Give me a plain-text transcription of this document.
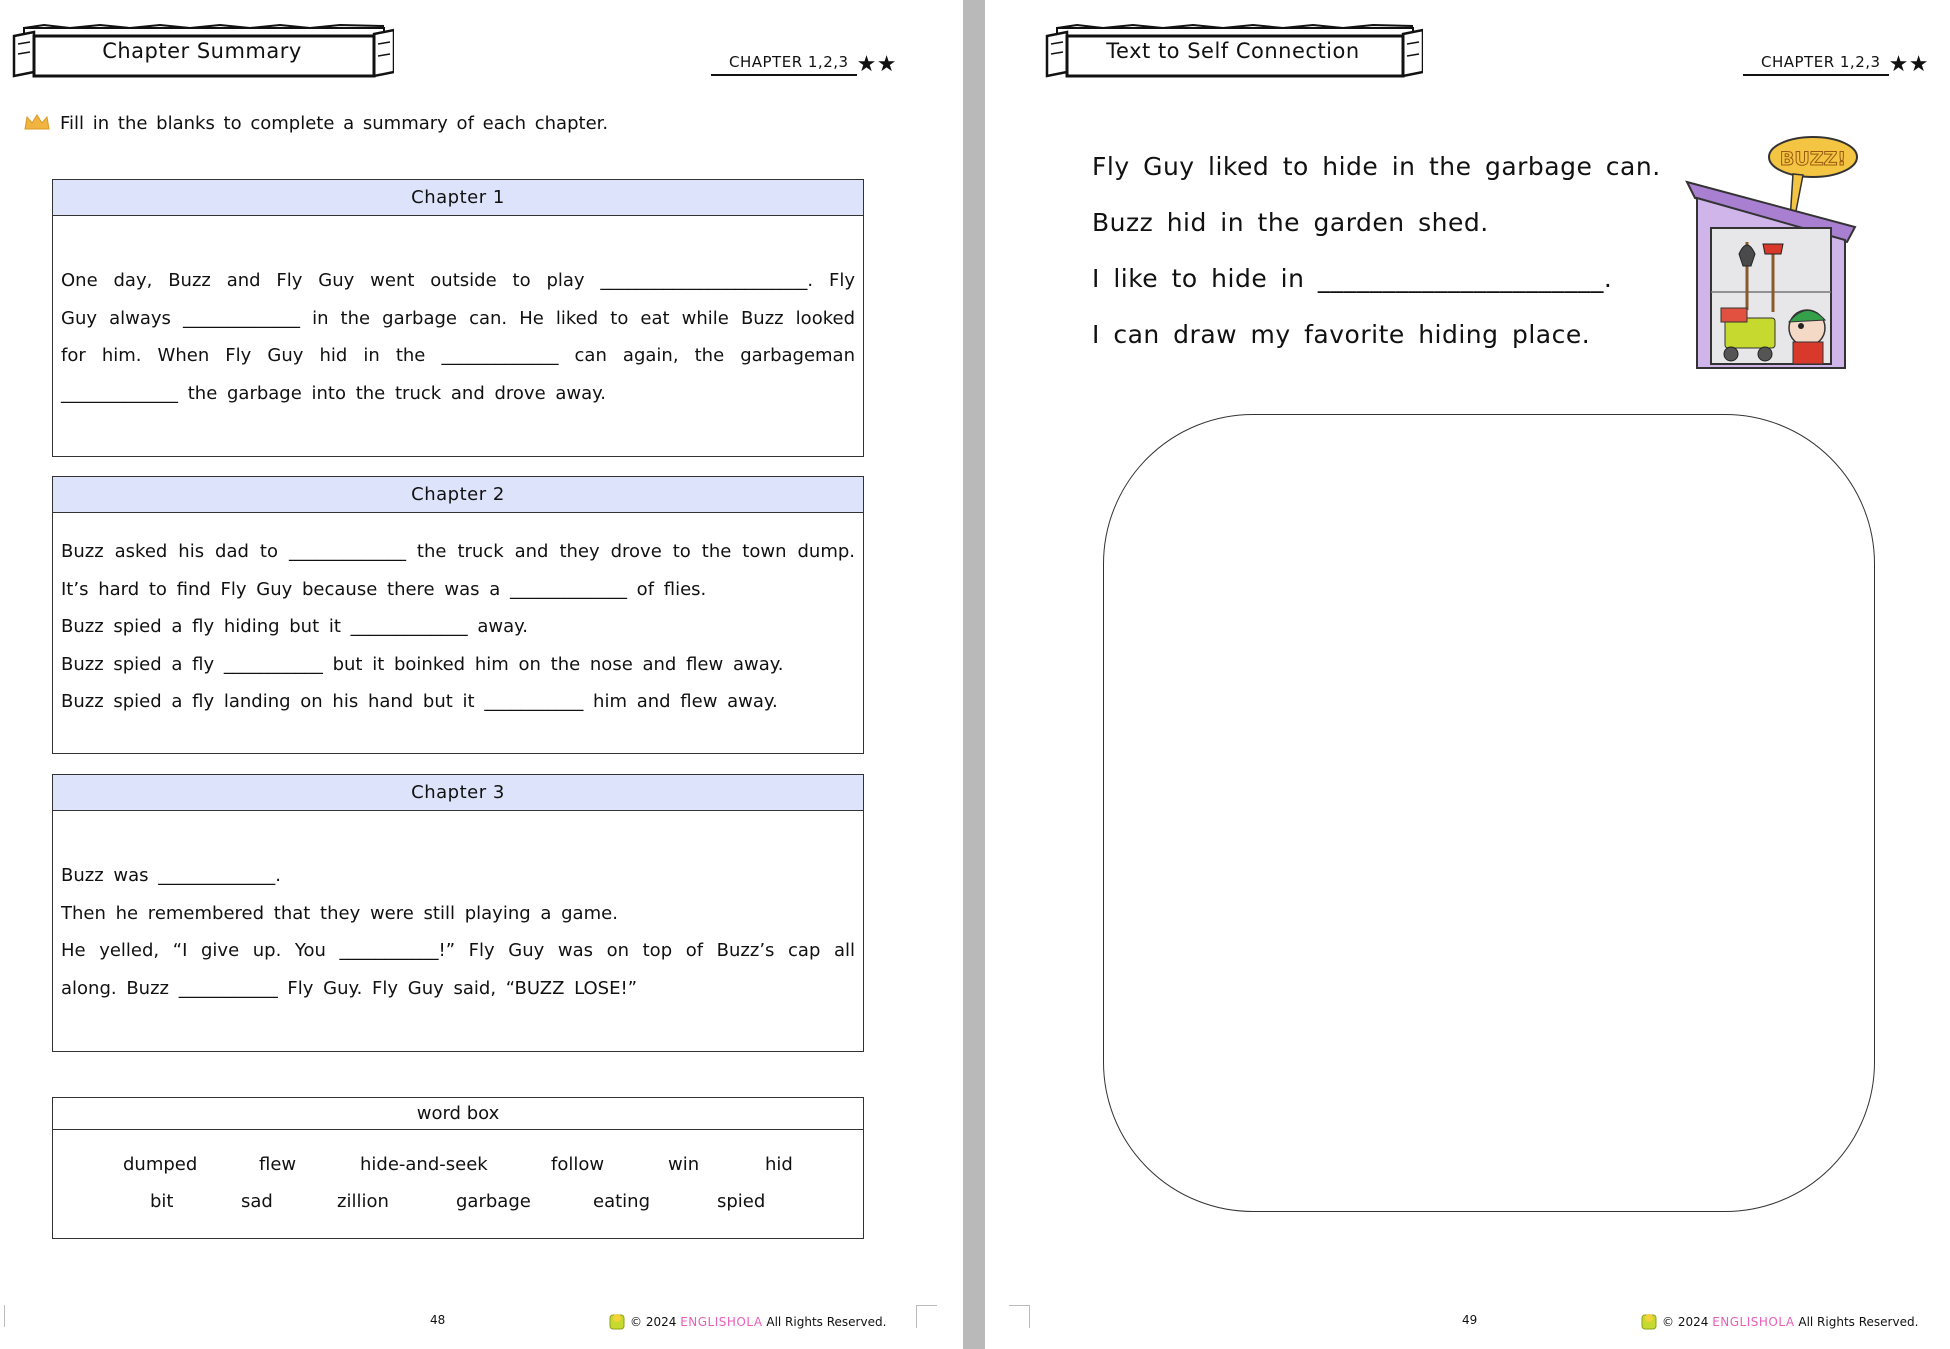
Chapter Summary	CHAPTER 1,2,3 ★★
Fill in the blanks to complete a summary of each chapter.
Chapter 1

One day, Buzz and Fly Guy went outside to play _______________________. Fly

Guy always _____________ in the garbage can. He liked to eat while Buzz looked

for him. When Fly Guy hid in the _____________ can again, the garbageman

_____________ the garbage into the truck and drove away.

Chapter 2

Buzz asked his dad to _____________ the truck and they drove to the town dump.

It’s hard to find Fly Guy because there was a _____________ of flies.

Buzz spied a fly hiding but it _____________ away.

Buzz spied a fly ___________ but it boinked him on the nose and flew away.

Buzz spied a fly landing on his hand but it ___________ him and flew away.

Chapter 3

Buzz was _____________.

Then he remembered that they were still playing a game.

He yelled, “I give up. You ___________!” Fly Guy was on top of Buzz’s cap all

along. Buzz ___________ Fly Guy. Fly Guy said, “BUZZ LOSE!”

word box
dumped	flew	hide-and-seek	follow	win	hid
bit	sad	zillion	garbage	eating	spied
48	© 2024 ENGLISHOLA All Rights Reserved.
Text to Self Connection	CHAPTER 1,2,3 ★★
Fly Guy liked to hide in the garbage can.
Buzz hid in the garden shed.
I like to hide in ______________________.
I can draw my favorite hiding place.
BUZZ!
49	© 2024 ENGLISHOLA All Rights Reserved.
